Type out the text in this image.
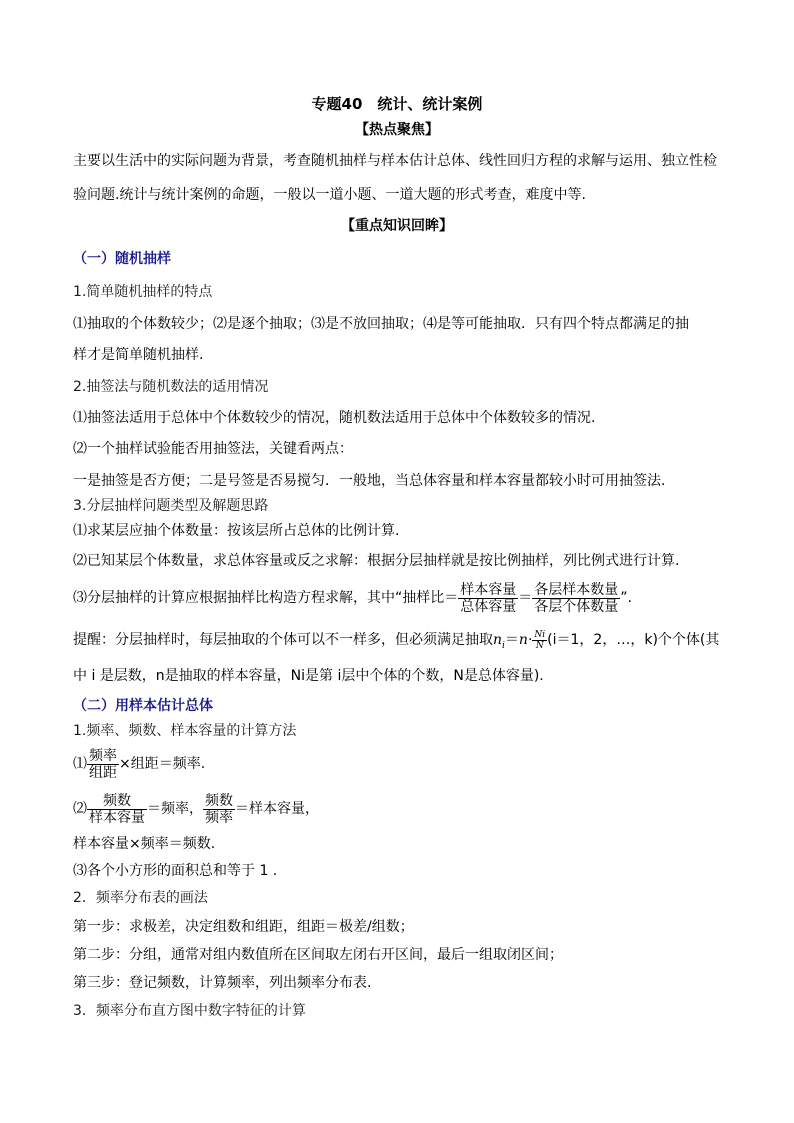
专题40　统计、统计案例
【热点聚焦】
主要以生活中的实际问题为背景，考查随机抽样与样本估计总体、线性回归方程的求解与运用、独立性检
验问题.统计与统计案例的命题，一般以一道小题、一道大题的形式考查，难度中等.
【重点知识回眸】
（一）随机抽样
1.简单随机抽样的特点
⑴抽取的个体数较少；⑵是逐个抽取；⑶是不放回抽取；⑷是等可能抽取．只有四个特点都满足的抽
样才是简单随机抽样.
2.抽签法与随机数法的适用情况
⑴抽签法适用于总体中个体数较少的情况，随机数法适用于总体中个体数较多的情况.
⑵一个抽样试验能否用抽签法，关键看两点：
一是抽签是否方便；二是号签是否易搅匀．一般地，当总体容量和样本容量都较小时可用抽签法.
3.分层抽样问题类型及解题思路
⑴求某层应抽个体数量：按该层所占总体的比例计算.
⑵已知某层个体数量，求总体容量或反之求解：根据分层抽样就是按比例抽样，列比例式进行计算.
⑶分层抽样的计算应根据抽样比构造方程求解，其中“抽样比＝ $\frac{\text{样本容量}}{\text{总体容量}} = \frac{\text{各层样本数量}}{\text{各层个体数量}}$ ”.
提醒：分层抽样时，每层抽取的个体可以不一样多，但必须满足抽取$n_i=n\cdot \frac{Ni}{N} (i=1$，2，…，k)个个体(其
中 i 是层数，n是抽取的样本容量，Ni是第 i层中个体的个数，N是总体容量).
（二）用样本估计总体
1.频率、频数、样本容量的计算方法
⑴ $\frac{\text{频率}}{\text{组距}}$ ×组距＝频率.
⑵ $\frac{\text{频数}}{\text{样本容量}}$ ＝频率， $\frac{\text{频数}}{\text{频率}}$ ＝样本容量，
样本容量×频率＝频数.
⑶各个小方形的面积总和等于 1 .
2．频率分布表的画法
第一步：求极差，决定组数和组距，组距＝极差/组数；
第二步：分组，通常对组内数值所在区间取左闭右开区间，最后一组取闭区间；
第三步：登记频数，计算频率，列出频率分布表.
3．频率分布直方图中数字特征的计算
